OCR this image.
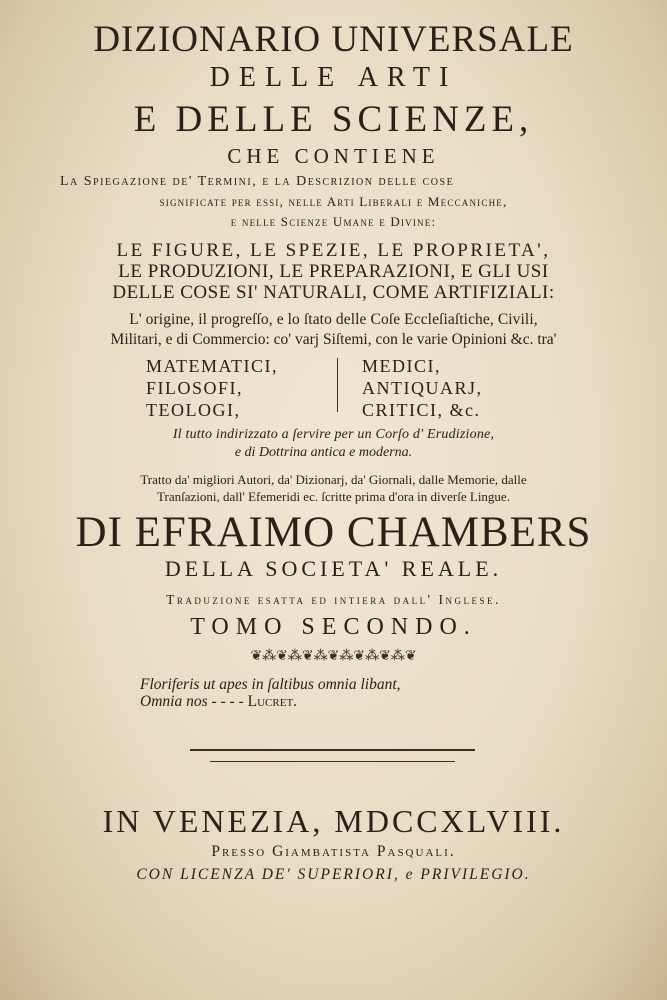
DIZIONARIO UNIVERSALE
DELLE ARTI
E DELLE SCIENZE,
CHE CONTIENE
La Spiegazione de' Termini, e la Descrizion delle cose
significate per essi, nelle Arti Liberali e Meccaniche,
e nelle Scienze Umane e Divine:
LE FIGURE, LE SPEZIE, LE PROPRIETA',
LE PRODUZIONI, LE PREPARAZIONI, E GLI USI
DELLE COSE SI' NATURALI, COME ARTIFIZIALI:
L' origine, il progreſſo, e lo ſtato delle Coſe Eccleſiaſtiche, Civili,
Militari, e di Commercio: co' varj Siſtemi, con le varie Opinioni &c. tra'
MATEMATICI,
FILOSOFI,
TEOLOGI,
MEDICI,
ANTIQUARJ,
CRITICI, &c.
Il tutto indirizzato a ſervire per un Corſo d' Erudizione,
e di Dottrina antica e moderna.
Tratto da' migliori Autori, da' Dizionarj, da' Giornali, dalle Memorie, dalle
Tranſazioni, dall' Efemeridi ec. ſcritte prima d'ora in diverſe Lingue.
DI EFRAIMO CHAMBERS
DELLA SOCIETA' REALE.
Traduzione esatta ed intiera dall' Inglese.
TOMO SECONDO.
❦⁂❦⁂❦⁂❦⁂❦⁂❦⁂❦
Floriferis ut apes in ſaltibus omnia libant,
Omnia nos - - - - Lucret.
IN VENEZIA, MDCCXLVIII.
Preſso Giambatista Pasquali.
CON LICENZA DE' SUPERIORI, e PRIVILEGIO.
